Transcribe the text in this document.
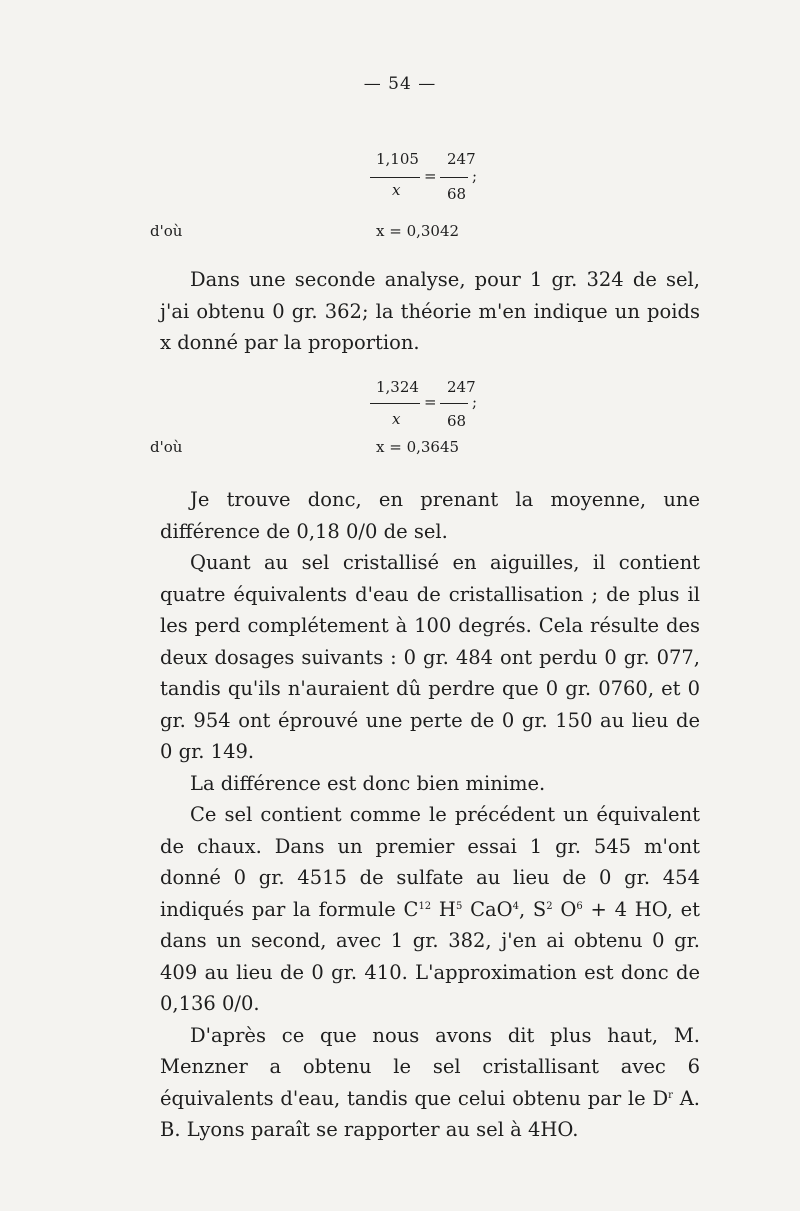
— 54 —
1,105 247
= ;
x	68
d'où	x = 0,3042

Dans une seconde analyse, pour 1 gr. 324 de sel, j'ai obtenu 0 gr. 362; la théorie m'en indique un poids x donné par la proportion.

1,324 247
= ;
x	68
d'où	x = 0,3645

Je trouve donc, en prenant la moyenne, une différence de 0,18 0/0 de sel.

Quant au sel cristallisé en aiguilles, il contient quatre équivalents d'eau de cristallisation ; de plus il les perd complétement à 100 degrés. Cela résulte des deux dosages suivants : 0 gr. 484 ont perdu 0 gr. 077, tandis qu'ils n'auraient dû perdre que 0 gr. 0760, et 0 gr. 954 ont éprouvé une perte de 0 gr. 150 au lieu de 0 gr. 149.

La différence est donc bien minime.

Ce sel contient comme le précédent un équivalent de chaux. Dans un premier essai 1 gr. 545 m'ont donné 0 gr. 4515 de sulfate au lieu de 0 gr. 454 indiqués par la formule $C^{12}$ $H^5$ CaO$^4$, $S^2$ $O^6 + 4$ HO, et dans un second, avec 1 gr. 382, j'en ai obtenu 0 gr. 409 au lieu de 0 gr. 410. L'approximation est donc de 0,136 0/0.

D'après ce que nous avons dit plus haut, M. Menzner a obtenu le sel cristallisant avec 6 équivalents d'eau, tandis que celui obtenu par le $D^r$ A. B. Lyons paraît se rapporter au sel à 4HO.
